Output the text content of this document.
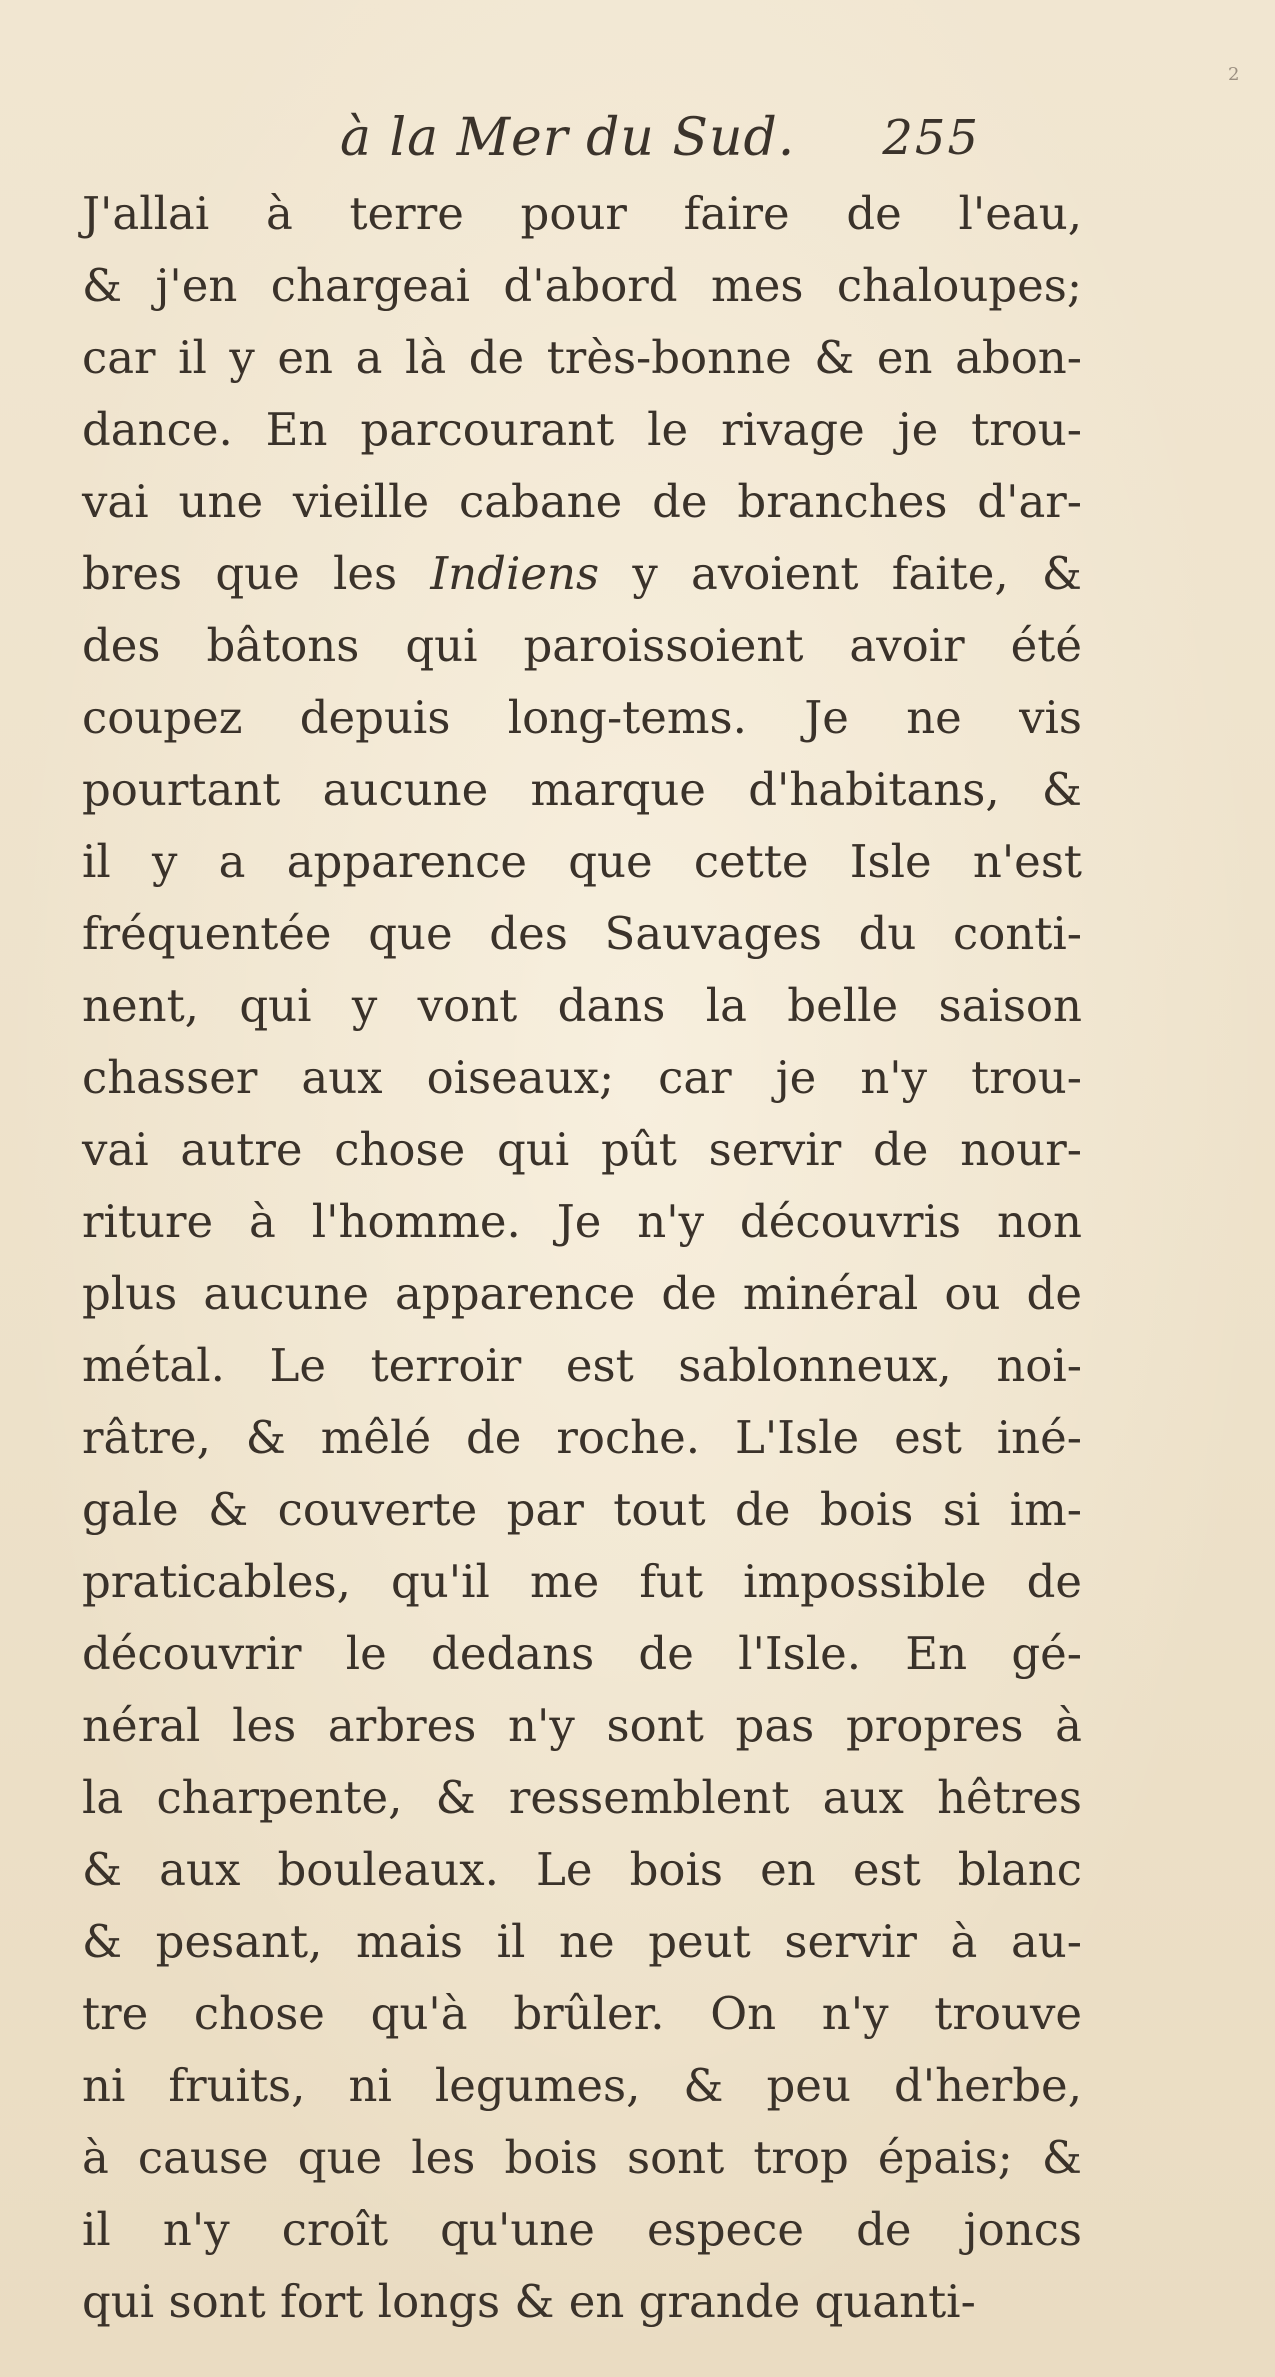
2
à la Mer du Sud. 255
J'allai à terre pour faire de l'eau,
& j'en chargeai d'abord mes chaloupes;
car il y en a là de très-bonne & en abon-
dance. En parcourant le rivage je trou-
vai une vieille cabane de branches d'ar-
bres que les Indiens y avoient faite, &
des bâtons qui paroissoient avoir été
coupez depuis long-tems. Je ne vis
pourtant aucune marque d'habitans, &
il y a apparence que cette Isle n'est
fréquentée que des Sauvages du conti-
nent, qui y vont dans la belle saison
chasser aux oiseaux; car je n'y trou-
vai autre chose qui pût servir de nour-
riture à l'homme. Je n'y découvris non
plus aucune apparence de minéral ou de
métal. Le terroir est sablonneux, noi-
râtre, & mêlé de roche. L'Isle est iné-
gale & couverte par tout de bois si im-
praticables, qu'il me fut impossible de
découvrir le dedans de l'Isle. En gé-
néral les arbres n'y sont pas propres à
la charpente, & ressemblent aux hêtres
& aux bouleaux. Le bois en est blanc
& pesant, mais il ne peut servir à au-
tre chose qu'à brûler. On n'y trouve
ni fruits, ni legumes, & peu d'herbe,
à cause que les bois sont trop épais; &
il n'y croît qu'une espece de joncs
qui sont fort longs & en grande quanti-
